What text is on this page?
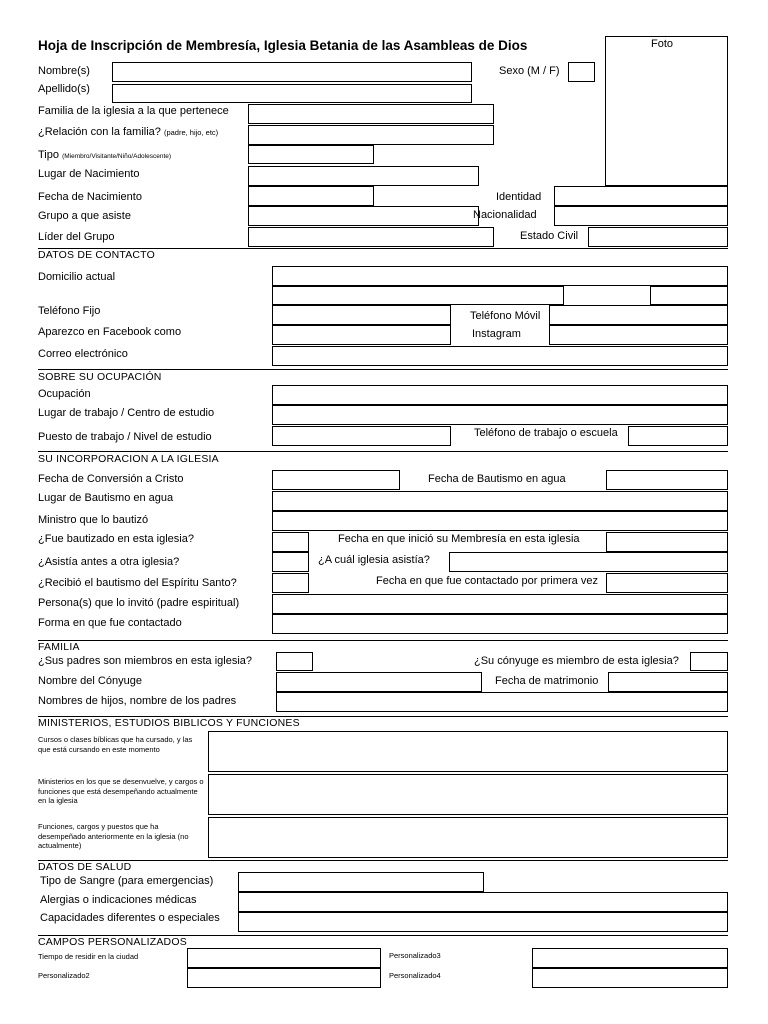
Hoja de Inscripción de Membresía, Iglesia Betania de las Asambleas de Dios	Foto
Nombre(s)	Sexo (M / F)
Apellido(s)
Familia de la iglesia a la que pertenece
¿Relación con la familia? (padre, hijo, etc)
Tipo (Miembro/Visitante/Niño/Adolescente)
Lugar de Nacimiento
Fecha de Nacimiento	Identidad
Grupo a que asiste	Nacionalidad
Líder del Grupo	Estado Civil
DATOS DE CONTACTO
Domicilio actual
Teléfono Fijo	Teléfono Móvil
Aparezco en Facebook como	Instagram
Correo electrónico
SOBRE SU OCUPACIÓN
Ocupación
Lugar de trabajo / Centro de estudio
Puesto de trabajo / Nivel de estudio	Teléfono de trabajo o escuela
SU INCORPORACION A LA IGLESIA
Fecha de Conversión a Cristo	Fecha de Bautismo en agua
Lugar de Bautismo en agua
Ministro que lo bautizó
¿Fue bautizado en esta iglesia?	Fecha en que inició su Membresía en esta iglesia
¿Asistía antes a otra iglesia?	¿A cuál iglesia asistía?
¿Recibió el bautismo del Espíritu Santo?	Fecha en que fue contactado por primera vez
Persona(s) que lo invitó (padre espiritual)
Forma en que fue contactado
FAMILIA
¿Sus padres son miembros en esta iglesia?	¿Su cónyuge es miembro de esta iglesia?
Nombre del Cónyuge	Fecha de matrimonio
Nombres de hijos, nombre de los padres
MINISTERIOS, ESTUDIOS BIBLICOS Y FUNCIONES
Cursos o clases bíblicas que ha cursado, y las que está cursando en este momento
Ministerios en los que se desenvuelve, y cargos o funciones que está desempeñando actualmente en la iglesia
Funciones, cargos y puestos que ha desempeñado anteriormente en la iglesia (no actualmente)
DATOS DE SALUD
Tipo de Sangre (para emergencias)
Alergias o indicaciones médicas
Capacidades diferentes o especiales
CAMPOS PERSONALIZADOS
Tiempo de residir en la ciudad	Personalizado3
Personalizado2	Personalizado4
